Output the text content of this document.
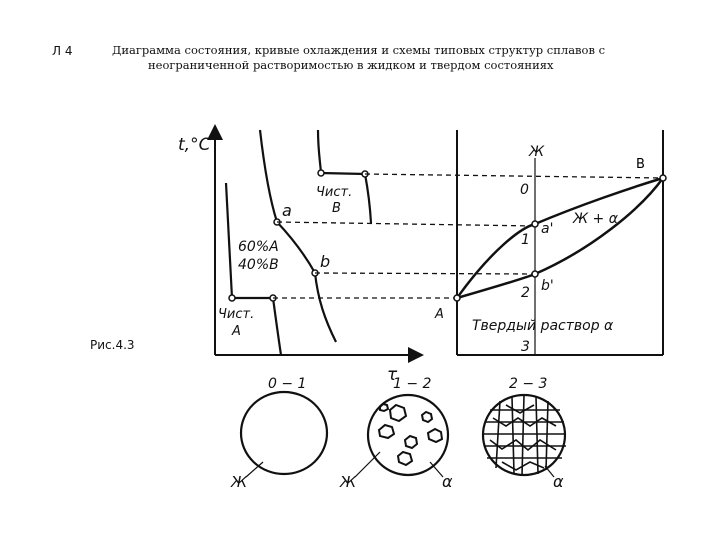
Л 4	Диаграмма состояния, кривые охлаждения и схемы типовых структур сплавов с
неограниченной растворимостью в жидком и твердом состояниях
Рис.4.3
t,°C
τ
Чист.
B
a
b
60%А
40%В
Чист.
А
Ж
B
A
0
1
2
3
a'
b'
Ж + α
Твердый раствор α
0 − 1	1 − 2	2 − 3
Ж	Ж	α	α
